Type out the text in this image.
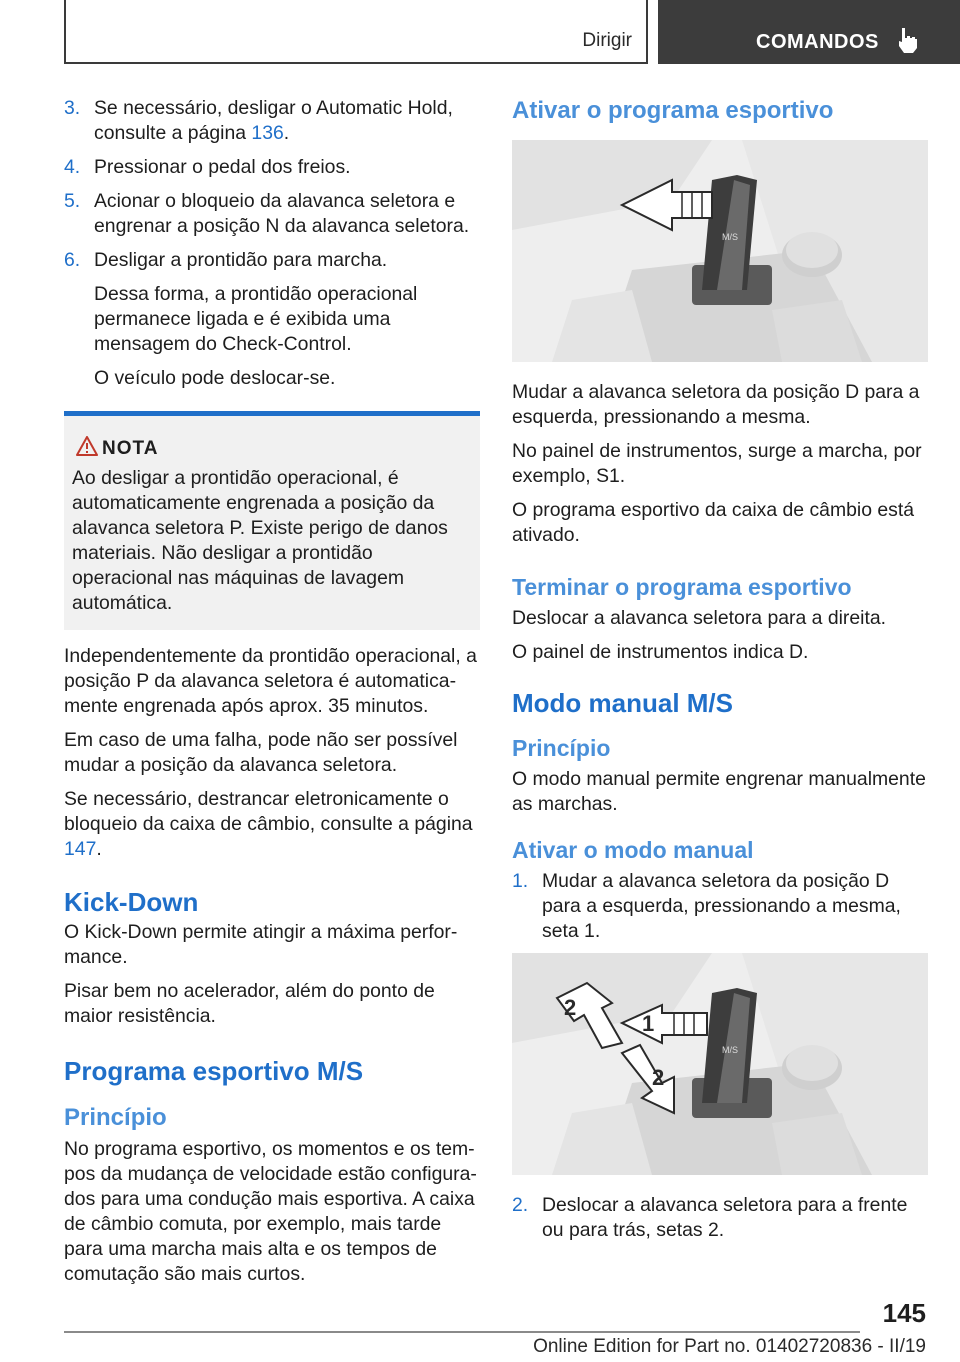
Dirigir	COMANDOS
3. Se necessário, desligar o Automatic Hold, consulte a página 136.
4. Pressionar o pedal dos freios.
5. Acionar o bloqueio da alavanca seletora e engrenar a posição N da alavanca seletora.
6. Desligar a prontidão para marcha.

Dessa forma, a prontidão operacional permanece ligada e é exibida uma mensagem do Check-Control.

O veículo pode deslocar-se.

NOTA
Ao desligar a prontidão operacional, é automaticamente engrenada a posição da alavanca seletora P. Existe perigo de danos materiais. Não desligar a prontidão operacional nas máquinas de lavagem automática.

Independentemente da prontidão operacional, a posição P da alavanca seletora é automaticamente engrenada após aprox. 35 minutos.

Em caso de uma falha, pode não ser possível mudar a posição da alavanca seletora.

Se necessário, destrancar eletronicamente o bloqueio da caixa de câmbio, consulte a página 147.

Kick-Down

O Kick-Down permite atingir a máxima performance.

Pisar bem no acelerador, além do ponto de maior resistência.

Programa esportivo M/S
Princípio

No programa esportivo, os momentos e os tempos da mudança de velocidade estão configurados para uma condução mais esportiva. A caixa de câmbio comuta, por exemplo, mais tarde para uma marcha mais alta e os tempos de comutação são mais curtos.

Ativar o programa esportivo
M/S

Mudar a alavanca seletora da posição D para a esquerda, pressionando a mesma.

No painel de instrumentos, surge a marcha, por exemplo, S1.

O programa esportivo da caixa de câmbio está ativado.

Terminar o programa esportivo

Deslocar a alavanca seletora para a direita.

O painel de instrumentos indica D.

Modo manual M/S
Princípio

O modo manual permite engrenar manualmente as marchas.

Ativar o modo manual
1. Mudar a alavanca seletora da posição D para a esquerda, pressionando a mesma, seta 1.
M/S
1
2
2
2. Deslocar a alavanca seletora para a frente ou para trás, setas 2.
145
Online Edition for Part no. 01402720836 - II/19
